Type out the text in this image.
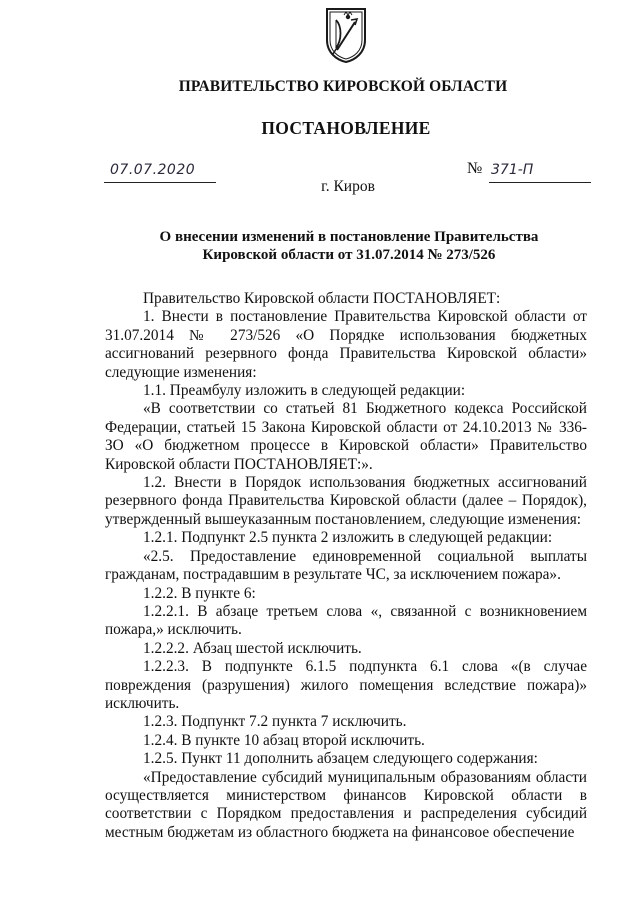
ПРАВИТЕЛЬСТВО КИРОВСКОЙ ОБЛАСТИ
ПОСТАНОВЛЕНИЕ
07.07.2020	№ 371-П
г. Киров
О внесении изменений в постановление Правительства
Кировской области от 31.07.2014 № 273/526

Правительство Кировской области ПОСТАНОВЛЯЕТ:

1. Внести в постановление Правительства Кировской области от 31.07.2014 № 273/526 «О Порядке использования бюджетных ассигнований резервного фонда Правительства Кировской области» следующие изменения:

1.1. Преамбулу изложить в следующей редакции:

«В соответствии со статьей 81 Бюджетного кодекса Российской Федерации, статьей 15 Закона Кировской области от 24.10.2013 № 336-ЗО «О бюджетном процессе в Кировской области» Правительство Кировской области ПОСТАНОВЛЯЕТ:».

1.2. Внести в Порядок использования бюджетных ассигнований резервного фонда Правительства Кировской области (далее – Порядок), утвержденный вышеуказанным постановлением, следующие изменения:

1.2.1. Подпункт 2.5 пункта 2 изложить в следующей редакции:

«2.5. Предоставление единовременной социальной выплаты гражданам, пострадавшим в результате ЧС, за исключением пожара».

1.2.2. В пункте 6:

1.2.2.1. В абзаце третьем слова «, связанной с возникновением пожара,» исключить.

1.2.2.2. Абзац шестой исключить.

1.2.2.3. В подпункте 6.1.5 подпункта 6.1 слова «(в случае повреждения (разрушения) жилого помещения вследствие пожара)» исключить.

1.2.3. Подпункт 7.2 пункта 7 исключить.

1.2.4. В пункте 10 абзац второй исключить.

1.2.5. Пункт 11 дополнить абзацем следующего содержания:

«Предоставление субсидий муниципальным образованиям области осуществляется министерством финансов Кировской области в соответствии с Порядком предоставления и распределения субсидий местным бюджетам из областного бюджета на финансовое обеспечение
